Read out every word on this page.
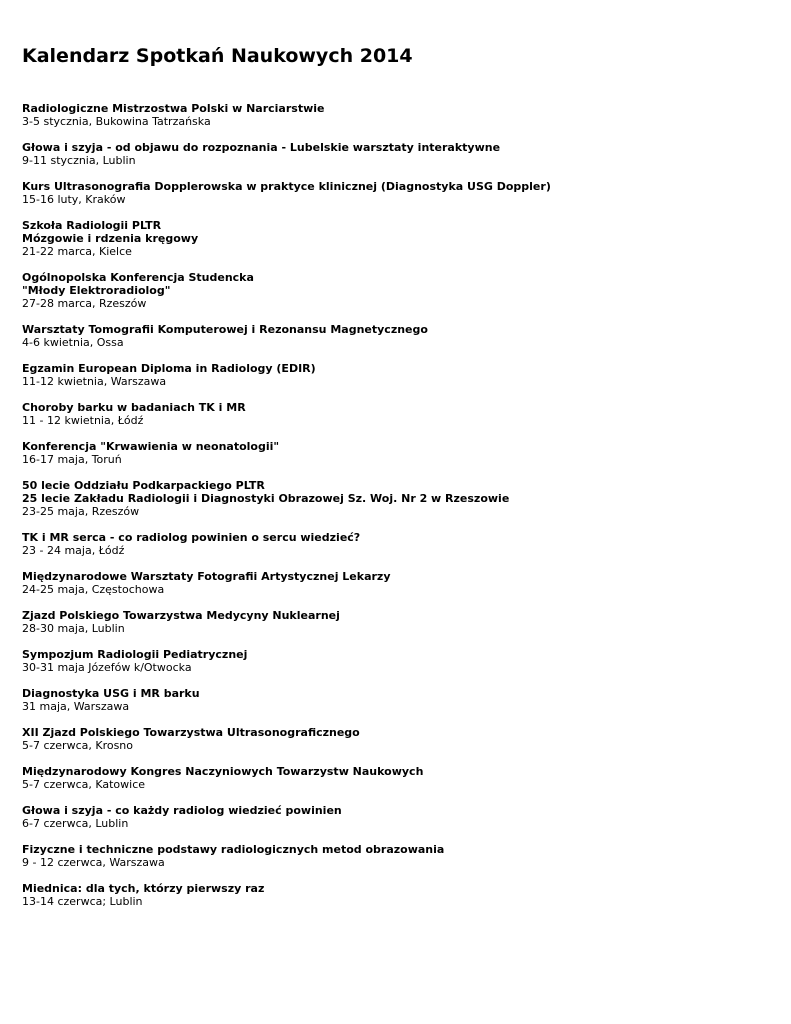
Kalendarz Spotkań Naukowych 2014
Radiologiczne Mistrzostwa Polski w Narciarstwie
3-5 stycznia, Bukowina Tatrzańska
Głowa i szyja - od objawu do rozpoznania - Lubelskie warsztaty interaktywne
9-11 stycznia, Lublin
Kurs Ultrasonografia Dopplerowska w praktyce klinicznej (Diagnostyka USG Doppler)
15-16 luty, Kraków
Szkoła Radiologii PLTR
Mózgowie i rdzenia kręgowy
21-22 marca, Kielce
Ogólnopolska Konferencja Studencka
"Młody Elektroradiolog"
27-28 marca, Rzeszów
Warsztaty Tomografii Komputerowej i Rezonansu Magnetycznego
4-6 kwietnia, Ossa
Egzamin European Diploma in Radiology (EDIR)
11-12 kwietnia, Warszawa
Choroby barku w badaniach TK i MR
11 - 12 kwietnia, Łódź
Konferencja "Krwawienia w neonatologii"
16-17 maja, Toruń
50 lecie Oddziału Podkarpackiego PLTR
25 lecie Zakładu Radiologii i Diagnostyki Obrazowej Sz. Woj. Nr 2 w Rzeszowie
23-25 maja, Rzeszów
TK i MR serca - co radiolog powinien o sercu wiedzieć?
23 - 24 maja, Łódź
Międzynarodowe Warsztaty Fotografii Artystycznej Lekarzy
24-25 maja, Częstochowa
Zjazd Polskiego Towarzystwa Medycyny Nuklearnej
28-30 maja, Lublin
Sympozjum Radiologii Pediatrycznej
30-31 maja Józefów k/Otwocka
Diagnostyka USG i MR barku
31 maja, Warszawa
XII Zjazd Polskiego Towarzystwa Ultrasonograficznego
5-7 czerwca, Krosno
Międzynarodowy Kongres Naczyniowych Towarzystw Naukowych
5-7 czerwca, Katowice
Głowa i szyja - co każdy radiolog wiedzieć powinien
6-7 czerwca, Lublin
Fizyczne i techniczne podstawy radiologicznych metod obrazowania
9 - 12 czerwca, Warszawa
Miednica: dla tych, którzy pierwszy raz
13-14 czerwca; Lublin
